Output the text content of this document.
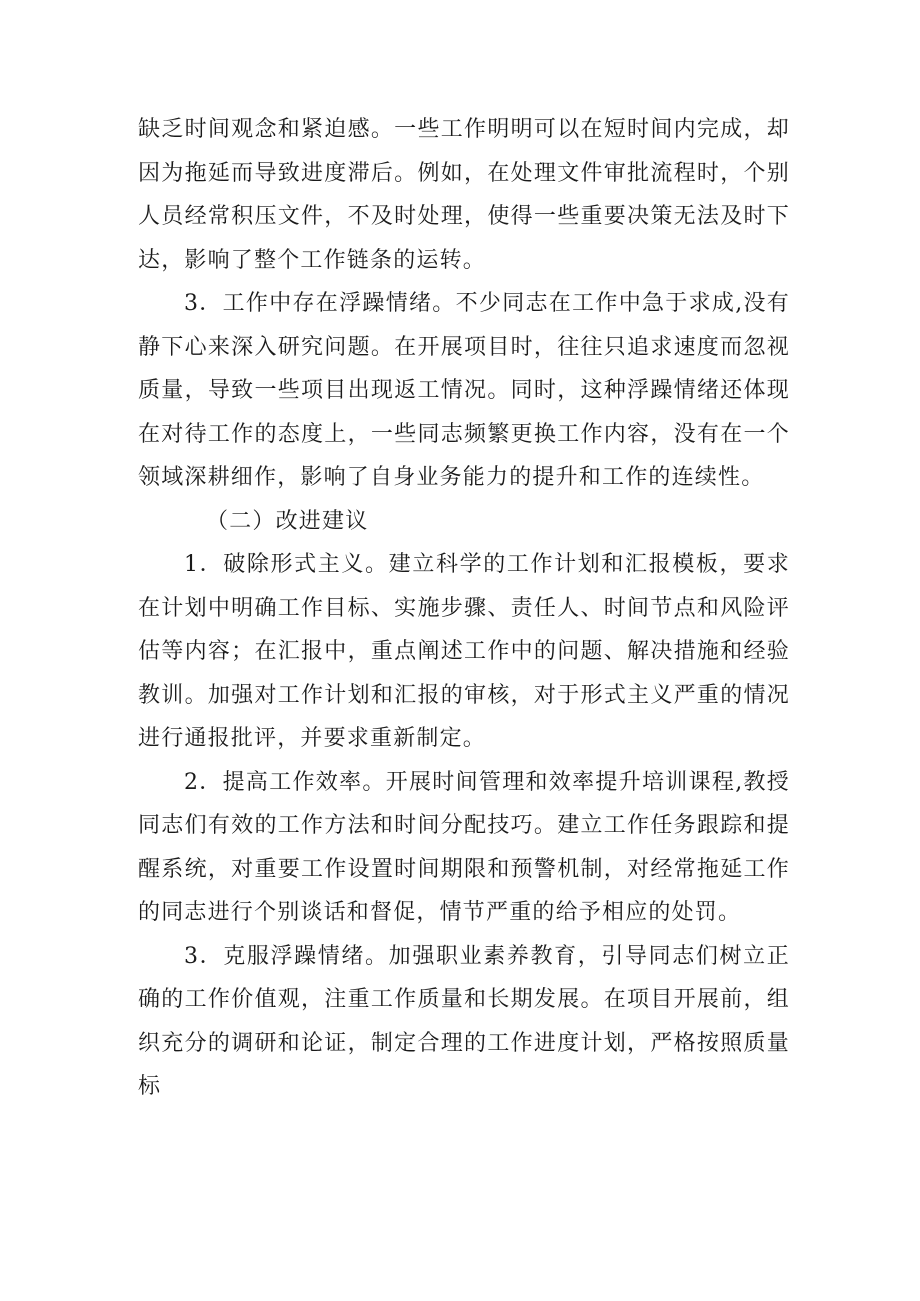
缺乏时间观念和紧迫感。一些工作明明可以在短时间内完成，却因为拖延而导致进度滞后。例如，在处理文件审批流程时，个别人员经常积压文件，不及时处理，使得一些重要决策无法及时下达，影响了整个工作链条的运转。

3．工作中存在浮躁情绪。不少同志在工作中急于求成,没有静下心来深入研究问题。在开展项目时，往往只追求速度而忽视质量，导致一些项目出现返工情况。同时，这种浮躁情绪还体现在对待工作的态度上，一些同志频繁更换工作内容，没有在一个领域深耕细作，影响了自身业务能力的提升和工作的连续性。

（二）改进建议

1．破除形式主义。建立科学的工作计划和汇报模板，要求在计划中明确工作目标、实施步骤、责任人、时间节点和风险评估等内容；在汇报中，重点阐述工作中的问题、解决措施和经验教训。加强对工作计划和汇报的审核，对于形式主义严重的情况进行通报批评，并要求重新制定。

2．提高工作效率。开展时间管理和效率提升培训课程,教授同志们有效的工作方法和时间分配技巧。建立工作任务跟踪和提醒系统，对重要工作设置时间期限和预警机制，对经常拖延工作的同志进行个别谈话和督促，情节严重的给予相应的处罚。

3．克服浮躁情绪。加强职业素养教育，引导同志们树立正确的工作价值观，注重工作质量和长期发展。在项目开展前，组织充分的调研和论证，制定合理的工作进度计划，严格按照质量标
